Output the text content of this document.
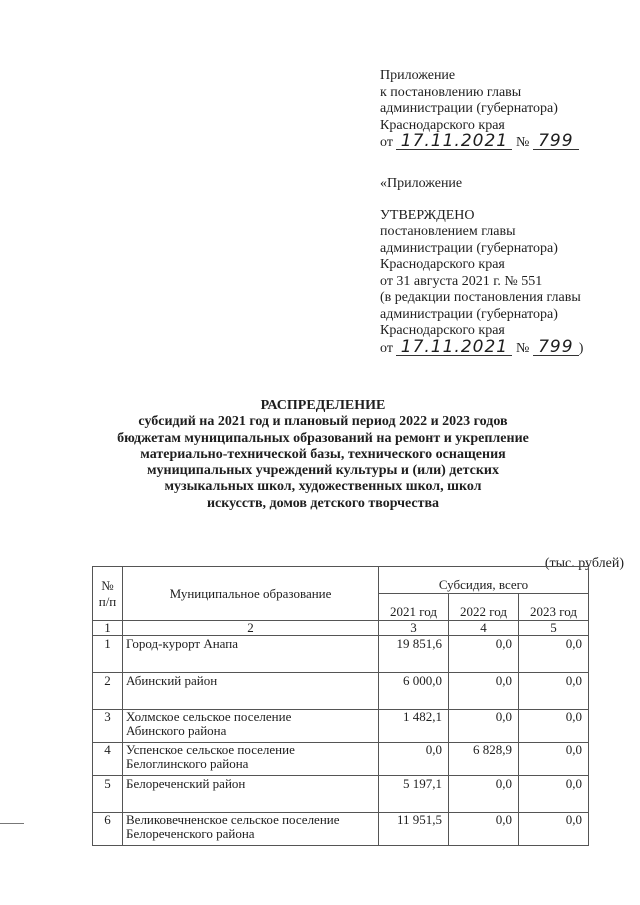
Приложение
к постановлению главы
администрации (губернатора)
Краснодарского края
от 17.11.2021 № 799
«Приложение
УТВЕРЖДЕНО
постановлением главы
администрации (губернатора)
Краснодарского края
от 31 августа 2021 г. № 551
(в редакции постановления главы
администрации (губернатора)
Краснодарского края
от 17.11.2021 № 799 )
РАСПРЕДЕЛЕНИЕ
субсидий на 2021 год и плановый период 2022 и 2023 годов
бюджетам муниципальных образований на ремонт и укрепление
материально-технической базы, технического оснащения
муниципальных учреждений культуры и (или) детских
музыкальных школ, художественных школ, школ
искусств, домов детского творчества
(тыс. рублей)
№ п/п	Муниципальное образование	Субсидия, всего		
		2021 год	2022 год	2023 год
1	2	3	4	5
1	Город-курорт Анапа	19 851,6	0,0	0,0
2	Абинский район	6 000,0	0,0	0,0
3	Холмское сельское поселение
Абинского района	1 482,1	0,0	0,0
4	Успенское сельское поселение
Белоглинского района	0,0	6 828,9	0,0
5	Белореченский район	5 197,1	0,0	0,0
6	Великовечненское сельское поселение
Белореченского района	11 951,5	0,0	0,0
